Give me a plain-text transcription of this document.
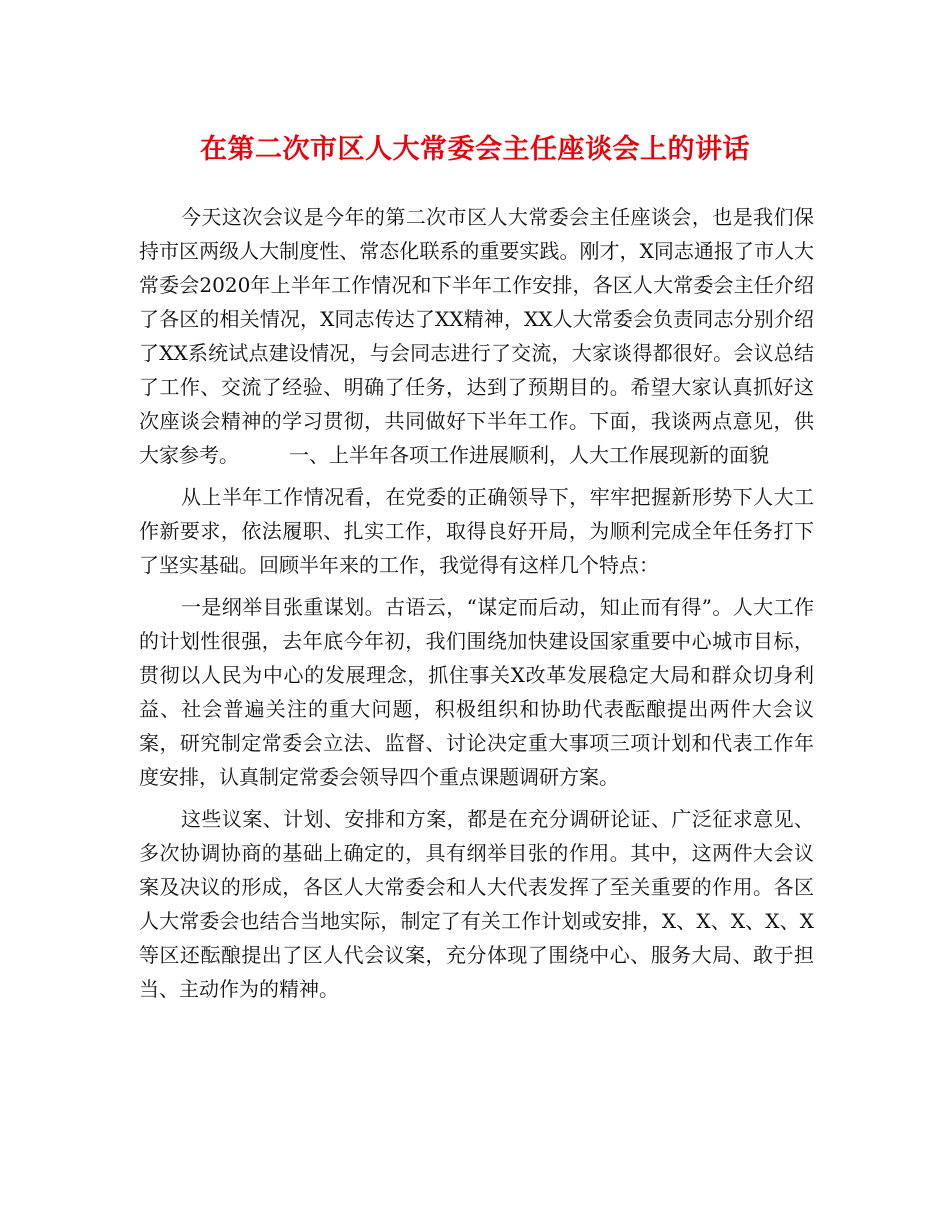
在第二次市区人大常委会主任座谈会上的讲话

今天这次会议是今年的第二次市区人大常委会主任座谈会，也是我们保持市区两级人大制度性、常态化联系的重要实践。刚才，X同志通报了市人大常委会2020年上半年工作情况和下半年工作安排，各区人大常委会主任介绍了各区的相关情况，X同志传达了XX精神，XX人大常委会负责同志分别介绍了XX系统试点建设情况，与会同志进行了交流，大家谈得都很好。会议总结了工作、交流了经验、明确了任务，达到了预期目的。希望大家认真抓好这次座谈会精神的学习贯彻，共同做好下半年工作。下面，我谈两点意见，供大家参考。　　　	一、上半年各项工作进展顺利，人大工作展现新的面貌

从上半年工作情况看，在党委的正确领导下，牢牢把握新形势下人大工作新要求，依法履职、扎实工作，取得良好开局，为顺利完成全年任务打下了坚实基础。回顾半年来的工作，我觉得有这样几个特点：

一是纲举目张重谋划。古语云，“谋定而后动，知止而有得”。人大工作的计划性很强，去年底今年初，我们围绕加快建设国家重要中心城市目标，贯彻以人民为中心的发展理念，抓住事关X改革发展稳定大局和群众切身利益、社会普遍关注的重大问题，积极组织和协助代表酝酿提出两件大会议案，研究制定常委会立法、监督、讨论决定重大事项三项计划和代表工作年度安排，认真制定常委会领导四个重点课题调研方案。

这些议案、计划、安排和方案，都是在充分调研论证、广泛征求意见、多次协调协商的基础上确定的，具有纲举目张的作用。其中，这两件大会议案及决议的形成，各区人大常委会和人大代表发挥了至关重要的作用。各区人大常委会也结合当地实际，制定了有关工作计划或安排，X、X、X、X、X等区还酝酿提出了区人代会议案，充分体现了围绕中心、服务大局、敢于担当、主动作为的精神。
